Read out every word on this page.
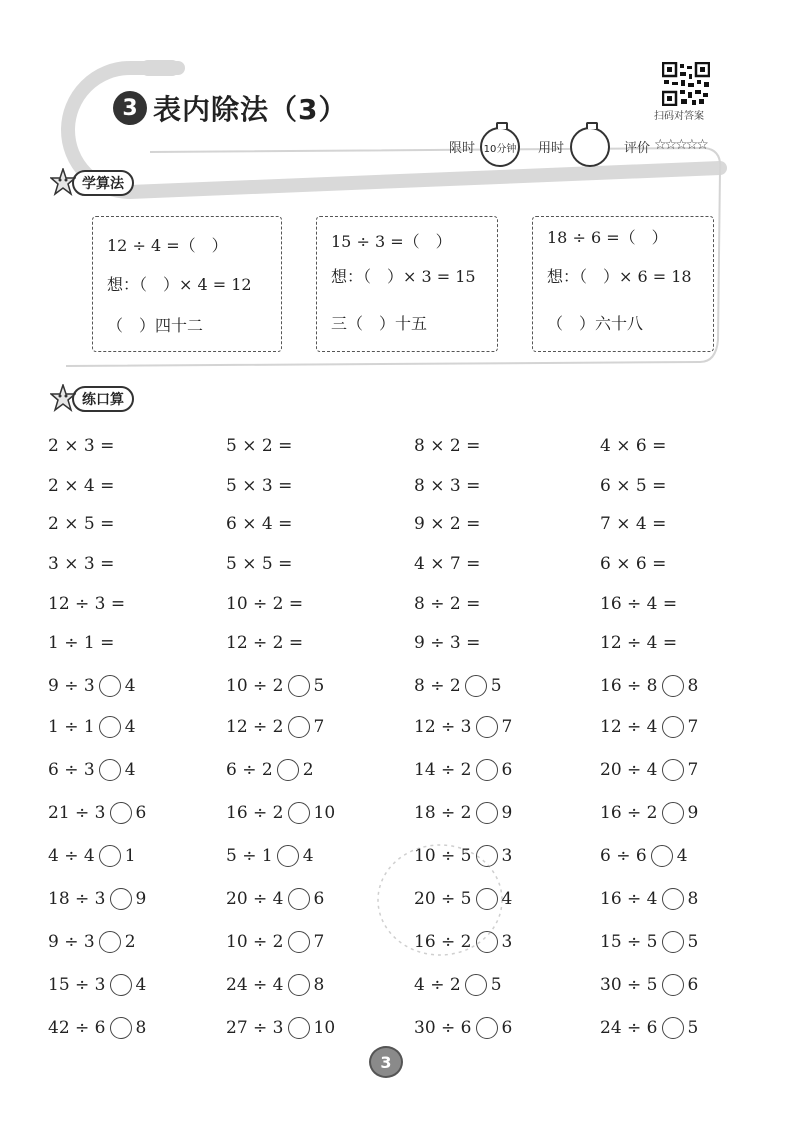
3 表内除法（3）	扫码对答案
限时 10分钟 用时	评价 ☆☆☆☆☆
学算法
12 ÷ 4 =（　）
想：（　）× 4 = 12
（　）四十二
15 ÷ 3 =（　）
想：（　）× 3 = 15
三（　）十五
18 ÷ 6 =（　）
想：（　）× 6 = 18
（　）六十八
练口算
2 × 3 =	5 × 2 =	8 × 2 =	4 × 6 =
2 × 4 =	5 × 3 =	8 × 3 =	6 × 5 =
2 × 5 =	6 × 4 =	9 × 2 =	7 × 4 =
3 × 3 =	5 × 5 =	4 × 7 =	6 × 6 =
12 ÷ 3 =	10 ÷ 2 =	8 ÷ 2 =	16 ÷ 4 =
1 ÷ 1 =	12 ÷ 2 =	9 ÷ 3 =	12 ÷ 4 =
9 ÷ 3 4	10 ÷ 2 5	8 ÷ 2 5	16 ÷ 8 8
1 ÷ 1 4	12 ÷ 2 7	12 ÷ 3 7	12 ÷ 4 7
6 ÷ 3 4	6 ÷ 2 2	14 ÷ 2 6	20 ÷ 4 7
21 ÷ 3 6	16 ÷ 2 10	18 ÷ 2 9	16 ÷ 2 9
4 ÷ 4 1	5 ÷ 1 4	10 ÷ 5 3	6 ÷ 6 4
18 ÷ 3 9	20 ÷ 4 6	20 ÷ 5 4	16 ÷ 4 8
9 ÷ 3 2	10 ÷ 2 7	16 ÷ 2 3	15 ÷ 5 5
15 ÷ 3 4	24 ÷ 4 8	4 ÷ 2 5	30 ÷ 5 6
42 ÷ 6 8	27 ÷ 3 10	30 ÷ 6 6	24 ÷ 6 5
3
